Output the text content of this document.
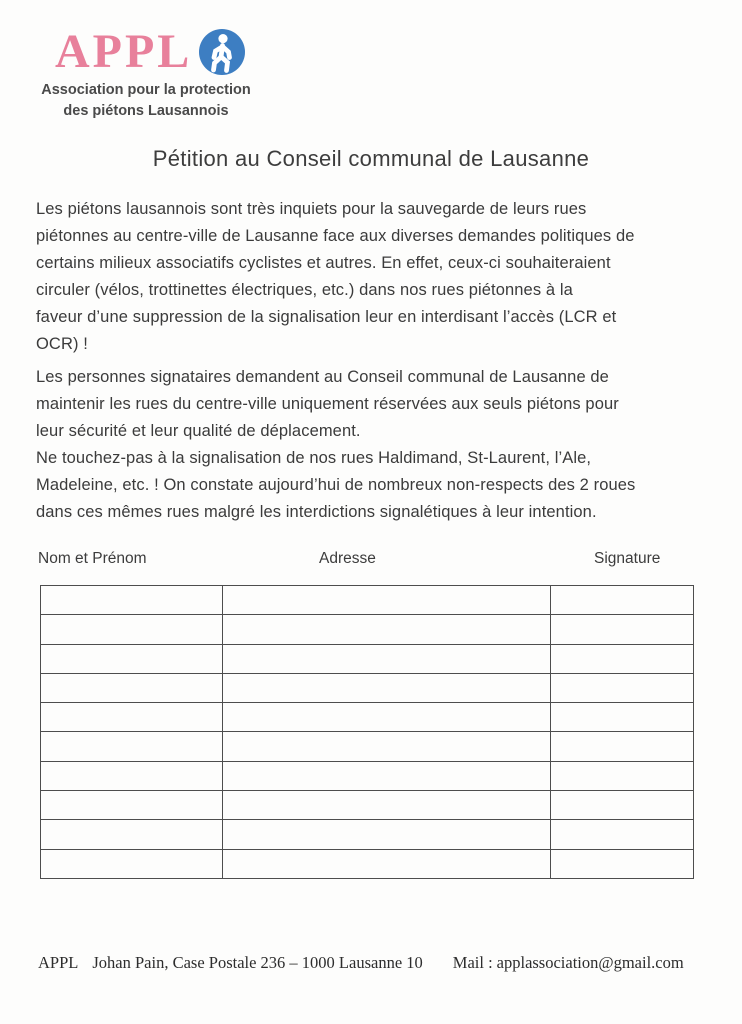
APPL
Association pour la protection
des piétons Lausannois
Pétition au Conseil communal de Lausanne
Les piétons lausannois sont très inquiets pour la sauvegarde de leurs rues
piétonnes au centre-ville de Lausanne face aux diverses demandes politiques de
certains milieux associatifs cyclistes et autres. En effet, ceux-ci souhaiteraient
circuler (vélos, trottinettes électriques, etc.) dans nos rues piétonnes à la
faveur d’une suppression de la signalisation leur en interdisant l’accès (LCR et
OCR) !
Les personnes signataires demandent au Conseil communal de Lausanne de
maintenir les rues du centre-ville uniquement réservées aux seuls piétons pour
leur sécurité et leur qualité de déplacement.
Ne touchez-pas à la signalisation de nos rues Haldimand, St-Laurent, l’Ale,
Madeleine, etc. ! On constate aujourd’hui de nombreux non-respects des 2 roues
dans ces mêmes rues malgré les interdictions signalétiques à leur intention.
Nom et Prénom	Adresse	Signature

APPL Johan Pain, Case Postale 236 – 1000 Lausanne 10 Mail : applassociation@gmail.com
